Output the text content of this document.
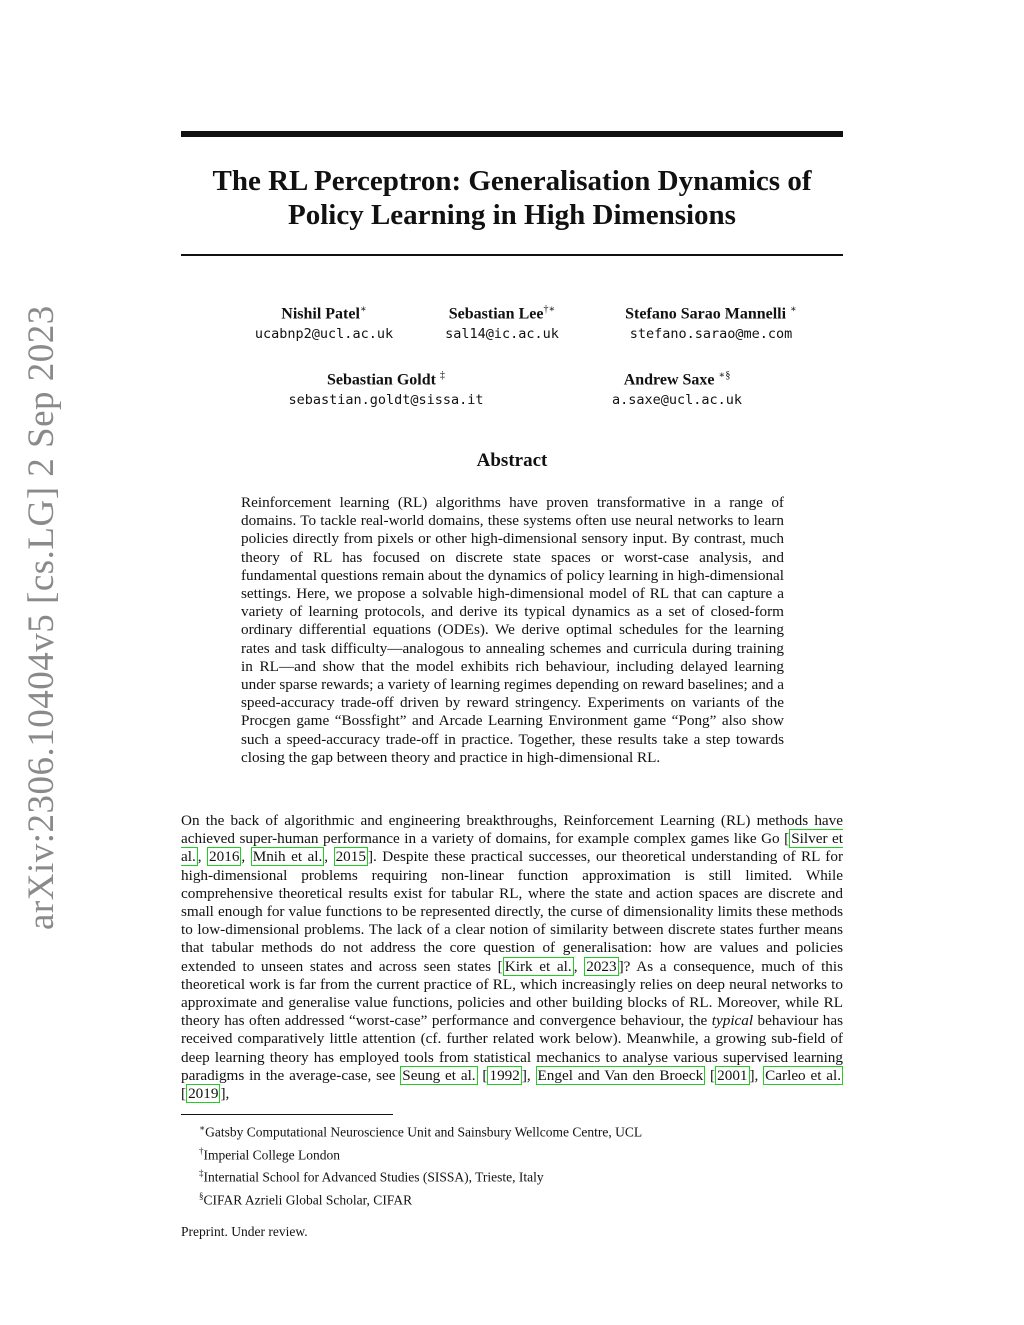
arXiv:2306.10404v5 [cs.LG] 2 Sep 2023
The RL Perceptron: Generalisation Dynamics of
Policy Learning in High Dimensions
Nishil Patel∗
ucabnp2@ucl.ac.uk
Sebastian Lee†∗
sal14@ic.ac.uk
Stefano Sarao Mannelli ∗
stefano.sarao@me.com
Sebastian Goldt ‡
sebastian.goldt@sissa.it
Andrew Saxe ∗§
a.saxe@ucl.ac.uk
Abstract

Reinforcement learning (RL) algorithms have proven transformative in a range of domains. To tackle real-world domains, these systems often use neural networks to learn policies directly from pixels or other high-dimensional sensory input. By contrast, much theory of RL has focused on discrete state spaces or worst-case analysis, and fundamental questions remain about the dynamics of policy learning in high-dimensional settings. Here, we propose a solvable high-dimensional model of RL that can capture a variety of learning protocols, and derive its typical dynamics as a set of closed-form ordinary differential equations (ODEs). We derive optimal schedules for the learning rates and task difficulty—analogous to annealing schemes and curricula during training in RL—and show that the model exhibits rich behaviour, including delayed learning under sparse rewards; a variety of learning regimes depending on reward baselines; and a speed-accuracy trade-off driven by reward stringency. Experiments on variants of the Procgen game “Bossfight” and Arcade Learning Environment game “Pong” also show such a speed-accuracy trade-off in practice. Together, these results take a step towards closing the gap between theory and practice in high-dimensional RL.

On the back of algorithmic and engineering breakthroughs, Reinforcement Learning (RL) methods have achieved super-human performance in a variety of domains, for example complex games like Go [ Silver et al. , 2016 , Mnih et al. , 2015 ]. Despite these practical successes, our theoretical understanding of RL for high-dimensional problems requiring non-linear function approximation is still limited. While comprehensive theoretical results exist for tabular RL, where the state and action spaces are discrete and small enough for value functions to be represented directly, the curse of dimensionality limits these methods to low-dimensional problems. The lack of a clear notion of similarity between discrete states further means that tabular methods do not address the core question of generalisation: how are values and policies extended to unseen states and across seen states [ Kirk et al. , 2023 ]? As a consequence, much of this theoretical work is far from the current practice of RL, which increasingly relies on deep neural networks to approximate and generalise value functions, policies and other building blocks of RL. Moreover, while RL theory has often addressed “worst-case” performance and convergence behaviour, the typical behaviour has received comparatively little attention (cf. further related work below). Meanwhile, a growing sub-field of deep learning theory has employed tools from statistical mechanics to analyse various supervised learning paradigms in the average-case, see Seung et al. [ 1992 ], Engel and Van den Broeck [ 2001 ], Carleo et al. [ 2019 ],

∗Gatsby Computational Neuroscience Unit and Sainsbury Wellcome Centre, UCL
†Imperial College London
‡Internatial School for Advanced Studies (SISSA), Trieste, Italy
§CIFAR Azrieli Global Scholar, CIFAR
Preprint. Under review.
